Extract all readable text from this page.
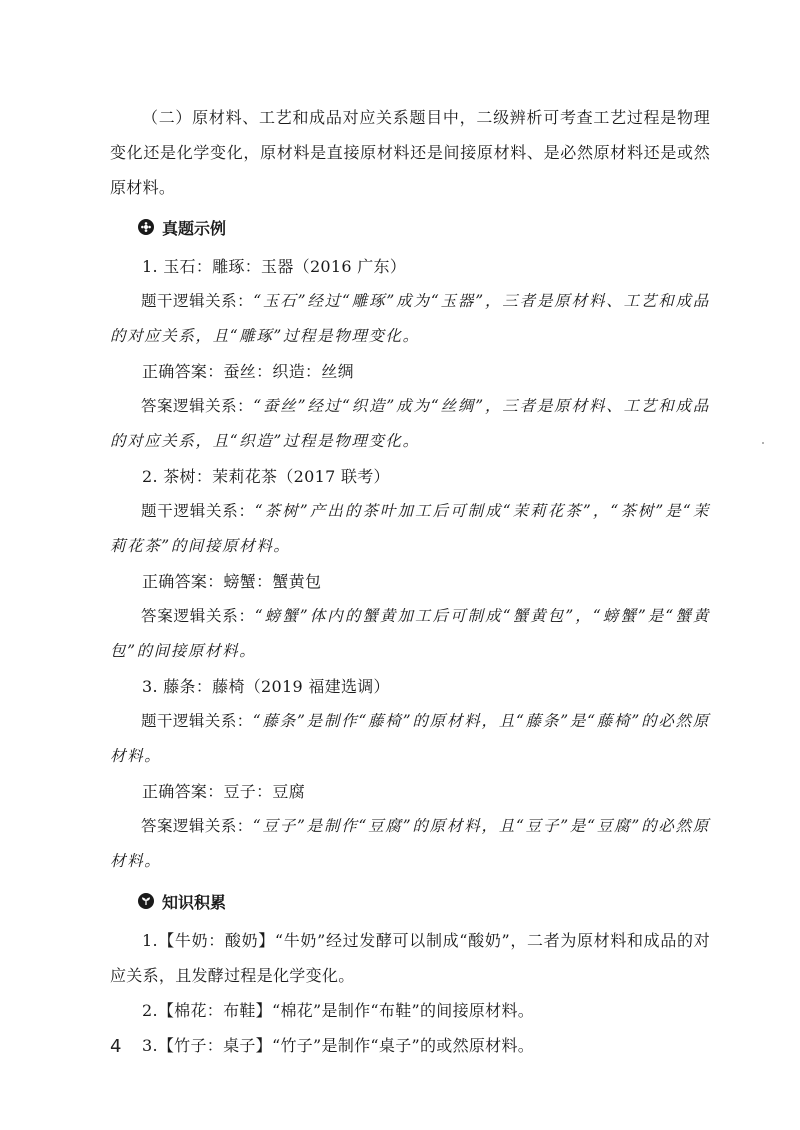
（二）原材料、工艺和成品对应关系题目中，二级辨析可考查工艺过程是物理变化还是化学变化，原材料是直接原材料还是间接原材料、是必然原材料还是或然原材料。

真题示例

1. 玉石：雕琢：玉器（2016 广东）

题干逻辑关系：“玉石”经过“雕琢”成为“玉器”，三者是原材料、工艺和成品的对应关系，且“雕琢”过程是物理变化。

正确答案：蚕丝：织造：丝绸

答案逻辑关系：“蚕丝”经过“织造”成为“丝绸”，三者是原材料、工艺和成品的对应关系，且“织造”过程是物理变化。

2. 茶树：茉莉花茶（2017 联考）

题干逻辑关系：“茶树”产出的茶叶加工后可制成“茉莉花茶”，“茶树”是“茉莉花茶”的间接原材料。

正确答案：螃蟹：蟹黄包

答案逻辑关系：“螃蟹”体内的蟹黄加工后可制成“蟹黄包”，“螃蟹”是“蟹黄包”的间接原材料。

3. 藤条：藤椅（2019 福建选调）

题干逻辑关系：“藤条”是制作“藤椅”的原材料，且“藤条”是“藤椅”的必然原材料。

正确答案：豆子：豆腐

答案逻辑关系：“豆子”是制作“豆腐”的原材料，且“豆子”是“豆腐”的必然原材料。

知识积累

1.【牛奶：酸奶】“牛奶”经过发酵可以制成“酸奶”，二者为原材料和成品的对应关系，且发酵过程是化学变化。

2.【棉花：布鞋】“棉花”是制作“布鞋”的间接原材料。

3.【竹子：桌子】“竹子”是制作“桌子”的或然原材料。

4
